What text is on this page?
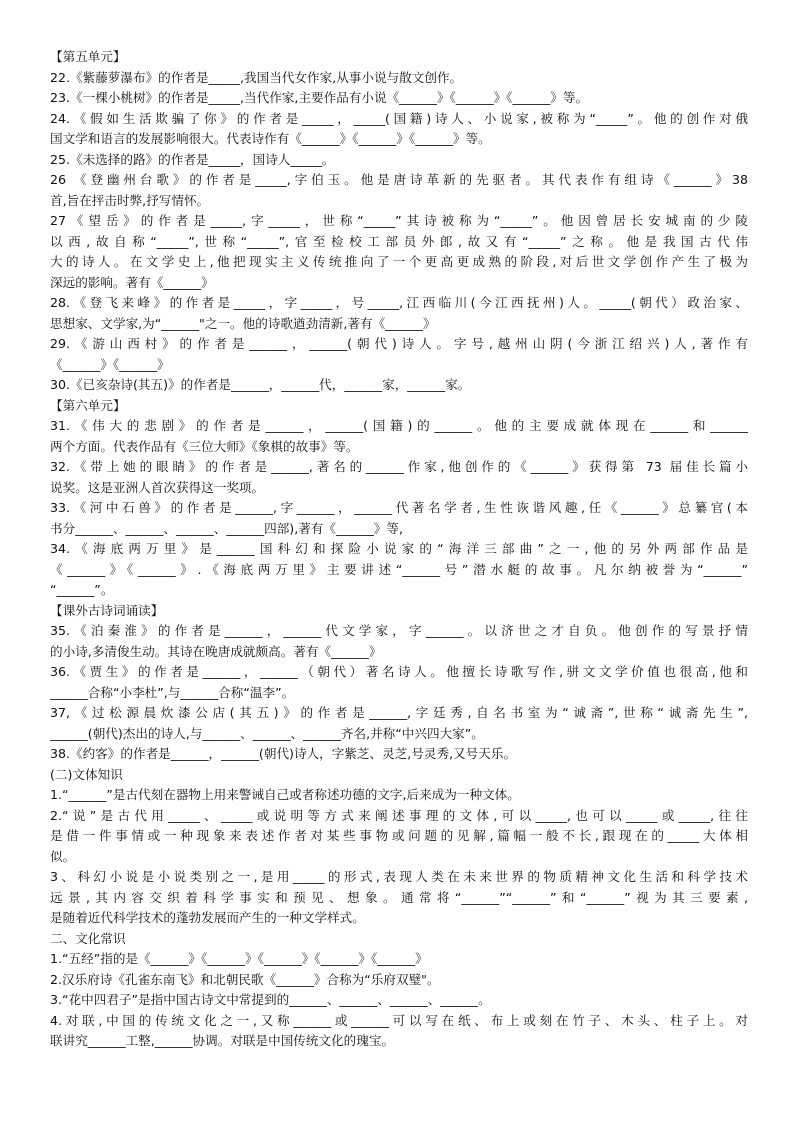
【第五单元】
22.《紫藤萝瀑布》的作者是_____,我国当代女作家,从事小说与散文创作。
23.《一棵小桃树》的作者是_____,当代作家,主要作品有小说《______》《______》《______》等。
24.《假如生活欺骗了你》的作者是_____，_____(国籍)诗人、小说家,被称为“_____”。他的创作对俄
国文学和语言的发展影响很大。代表诗作有《______》《______》《______》等。
25.《未选择的路》的作者是_____，国诗人_____。
26 《登幽州台歌》的作者是_____,字伯玉。他是唐诗革新的先驱者。其代表作有组诗《______》38
首,旨在抨击时弊,抒写情怀。
27《望岳》的作者是_____,字_____，世称“_____”其诗被称为“_____”。他因曾居长安城南的少陵
以西,故自称“_____”,世称“_____”,官至检校工部员外郎,故又有“_____”之称。他是我国古代伟
大的诗人。在文学史上,他把现实主义传统推向了一个更高更成熟的阶段,对后世文学创作产生了极为
深远的影响。著有《______》
28.《登飞来峰》的作者是_____，字_____，号_____,江西临川(今江西抚州)人。_____(朝代）政治家、
思想家、文学家,为“______"之一。他的诗歌遒劲清新,著有《______》
29.《游山西村》的作者是______，______(朝代)诗人。字号,越州山阴(今浙江绍兴)人,著作有
《______》《______》
30.《已亥杂诗(其五)》的作者是______，______代，______家，______家。
【第六单元】
31.《伟大的悲剧》的作者是______，______(国籍)的______。他的主要成就体现在______和______
两个方面。代表作品有《三位大师》《象棋的故事》等。
32.《带上她的眼睛》的作者是______,著名的______作家,他创作的《______》获得第 73 届佳长篇小
说奖。这是亚洲人首次获得这一奖项。
33.《河中石兽》的作者是______,字______，______代著名学者,生性诙谐风趣,任《______》总纂官(本
书分______、______、______、______四部),著有《______》等,
34.《海底两万里》是______国科幻和探险小说家的“海洋三部曲”之一,他的另外两部作品是
《______》《______》.《海底两万里》主要讲述“______号”潜水艇的故事。凡尔纳被誉为“______”
“______”。
【课外古诗词诵读】
35.《泊秦淮》的作者是______，______代文学家，字______。以济世之才自负。他创作的写景抒情
的小诗,多清俊生动。其诗在晚唐成就颇高。著有《______》
36.《贾生》的作者是______，______（朝代）著名诗人。他擅长诗歌写作,骈文文学价值也很高,他和
______合称“小李杜”,与______合称“温李”。
37,《过松源晨炊漆公店(其五)》的作者是______,字廷秀,自名书室为“诚斋”,世称“诚斋先生”,
______(朝代)杰出的诗人,与______、______、______齐名,并称“中兴四大家”。
38.《约客》的作者是______，______(朝代)诗人，字紫芝、灵芝,号灵秀,又号天乐。
(二)文体知识
1.“______”是古代刻在器物上用来警诫自己或者称述功德的文字,后来成为一种文体。
2.“说”是古代用_____、_____或说明等方式来阐述事理的文体,可以_____,也可以_____或_____,往往
是借一件事情或一种现象来表述作者对某些事物或问题的见解,篇幅一般不长,跟现在的_____大体相
似。
3、科幻小说是小说类别之一,是用_____的形式,表现人类在未来世界的物质精神文化生活和科学技术
远景,其内容交织着科学事实和预见、想象。通常将“______”“______”和“______”视为其三要素,
是随着近代科学技术的蓬勃发展而产生的一种文学样式。
二、文化常识
1.“五经”指的是《______》《______》《______》《______》《______》
2.汉乐府诗《孔雀东南飞》和北朝民歌《______》合称为“乐府双璧"。
3.“花中四君子”是指中国古诗文中常提到的______、______、______、______。
4.对联,中国的传统文化之一,又称______或______可以写在纸、布上或刻在竹子、木头、柱子上。对
联讲究______工整,______协调。对联是中国传统文化的瑰宝。
